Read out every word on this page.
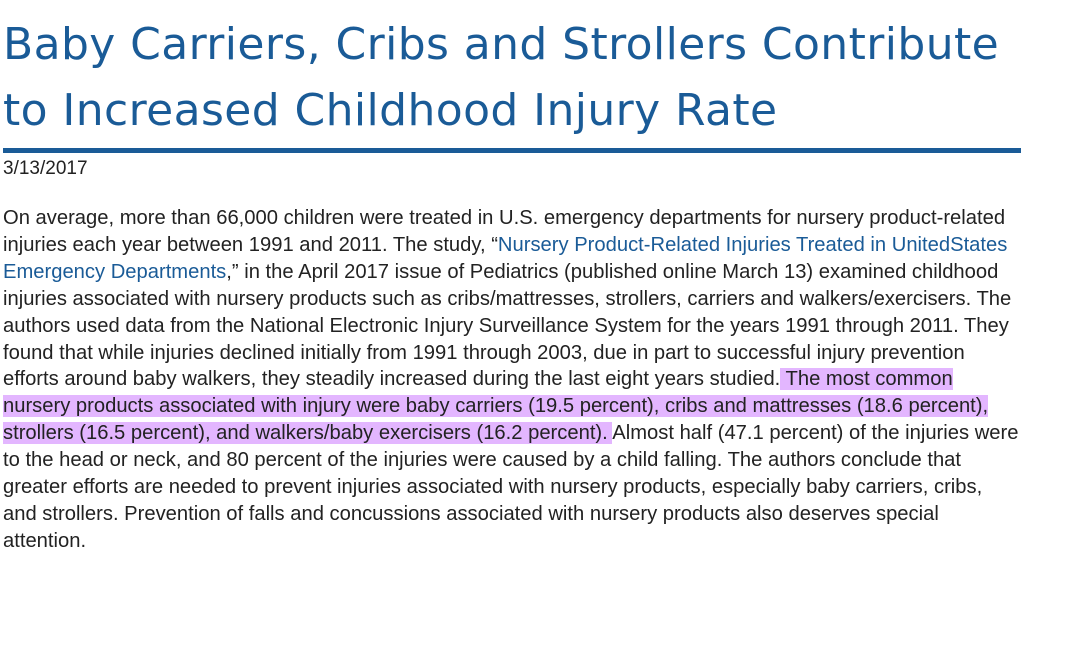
Baby Carriers, Cribs and Strollers Contribute to Increased Childhood Injury Rate
3/13/2017

On average, more than 66,000 children were treated in U.S. emergency departments for nursery product-related injuries each year between 1991 and 2011. The study, “Nursery Product-Related Injuries Treated in UnitedStates Emergency Departments,” in the April 2017 issue of Pediatrics (published online March 13) examined childhood injuries associated with nursery products such as cribs/mattresses, strollers, carriers and walkers/exercisers. The authors used data from the National Electronic Injury Surveillance System for the years 1991 through 2011. They found that while injuries declined initially from 1991 through 2003, due in part to successful injury prevention efforts around baby walkers, they steadily increased during the last eight years studied. The most common nursery products associated with injury were baby carriers (19.5 percent), cribs and mattresses (18.6 percent), strollers (16.5 percent), and walkers/baby exercisers (16.2 percent). Almost half (47.1 percent) of the injuries were to the head or neck, and 80 percent of the injuries were caused by a child falling. The authors conclude that greater efforts are needed to prevent injuries associated with nursery products, especially baby carriers, cribs, and strollers. Prevention of falls and concussions associated with nursery products also deserves special attention.
